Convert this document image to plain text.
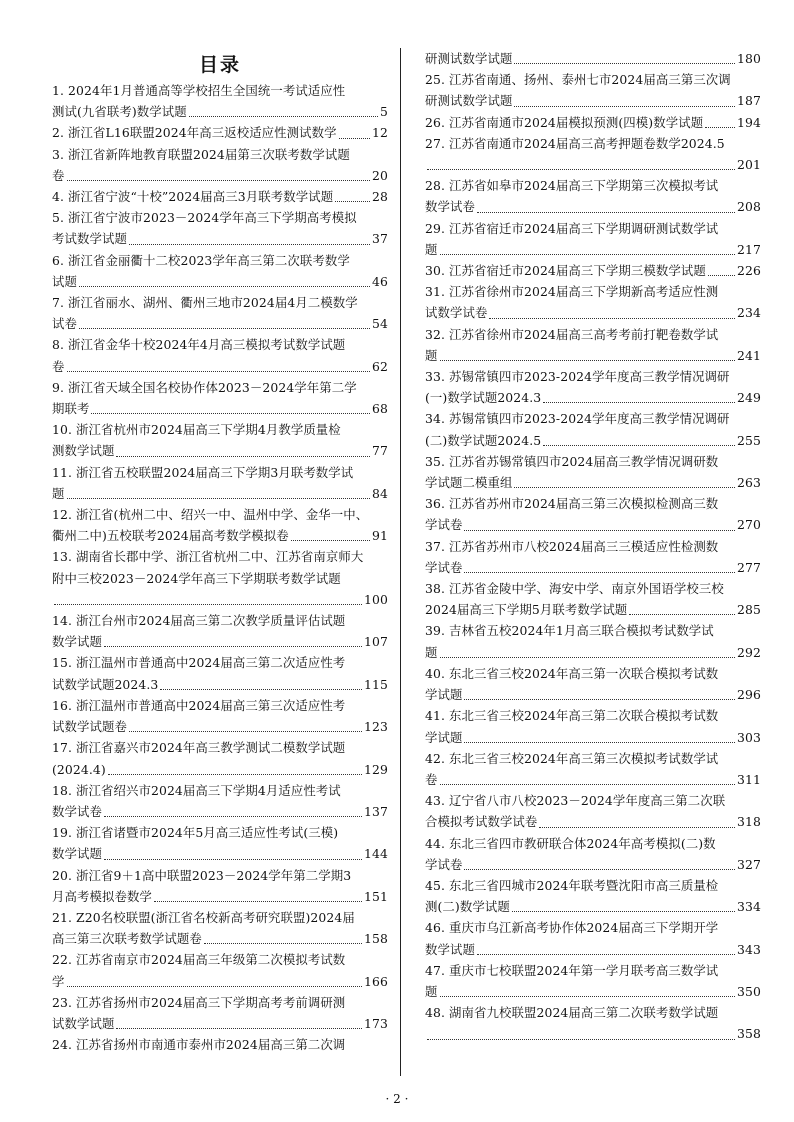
目录
1. 2024年1月普通高等学校招生全国统一考试适应性
测试(九省联考)数学试题	5
2. 浙江省L16联盟2024年高三返校适应性测试数学	12
3. 浙江省新阵地教育联盟2024届第三次联考数学试题
卷	20
4. 浙江省宁波“十校”2024届高三3月联考数学试题	28
5. 浙江省宁波市2023－2024学年高三下学期高考模拟
考试数学试题	37
6. 浙江省金丽衢十二校2023学年高三第二次联考数学
试题	46
7. 浙江省丽水、湖州、衢州三地市2024届4月二模数学
试卷	54
8. 浙江省金华十校2024年4月高三模拟考试数学试题
卷	62
9. 浙江省天域全国名校协作体2023－2024学年第二学
期联考	68
10. 浙江省杭州市2024届高三下学期4月教学质量检
测数学试题	77
11. 浙江省五校联盟2024届高三下学期3月联考数学试
题	84
12. 浙江省(杭州二中、绍兴一中、温州中学、金华一中、
衢州二中)五校联考2024届高考数学模拟卷	91
13. 湖南省长郡中学、浙江省杭州二中、江苏省南京师大
附中三校2023－2024学年高三下学期联考数学试题
100
14. 浙江台州市2024届高三第二次教学质量评估试题
数学试题	107
15. 浙江温州市普通高中2024届高三第二次适应性考
试数学试题2024.3	115
16. 浙江温州市普通高中2024届高三第三次适应性考
试数学试题卷	123
17. 浙江省嘉兴市2024年高三教学测试二模数学试题
(2024.4)	129
18. 浙江省绍兴市2024届高三下学期4月适应性考试
数学试卷	137
19. 浙江省诸暨市2024年5月高三适应性考试(三模)
数学试题	144
20. 浙江省9＋1高中联盟2023－2024学年第二学期3
月高考模拟卷数学	151
21. Z20名校联盟(浙江省名校新高考研究联盟)2024届
高三第三次联考数学试题卷	158
22. 江苏省南京市2024届高三年级第二次模拟考试数
学	166
23. 江苏省扬州市2024届高三下学期高考考前调研测
试数学试题	173
24. 江苏省扬州市南通市泰州市2024届高三第二次调
研测试数学试题	180
25. 江苏省南通、扬州、泰州七市2024届高三第三次调
研测试数学试题	187
26. 江苏省南通市2024届模拟预测(四模)数学试题	194
27. 江苏省南通市2024届高三高考押题卷数学2024.5
201
28. 江苏省如皋市2024届高三下学期第三次模拟考试
数学试卷	208
29. 江苏省宿迁市2024届高三下学期调研测试数学试
题	217
30. 江苏省宿迁市2024届高三下学期三模数学试题	226
31. 江苏省徐州市2024届高三下学期新高考适应性测
试数学试卷	234
32. 江苏省徐州市2024届高三高考考前打靶卷数学试
题	241
33. 苏锡常镇四市2023-2024学年度高三教学情况调研
(一)数学试题2024.3	249
34. 苏锡常镇四市2023-2024学年度高三教学情况调研
(二)数学试题2024.5	255
35. 江苏省苏锡常镇四市2024届高三教学情况调研数
学试题二模重组	263
36. 江苏省苏州市2024届高三第三次模拟检测高三数
学试卷	270
37. 江苏省苏州市八校2024届高三三模适应性检测数
学试卷	277
38. 江苏省金陵中学、海安中学、南京外国语学校三校
2024届高三下学期5月联考数学试题	285
39. 吉林省五校2024年1月高三联合模拟考试数学试
题	292
40. 东北三省三校2024年高三第一次联合模拟考试数
学试题	296
41. 东北三省三校2024年高三第二次联合模拟考试数
学试题	303
42. 东北三省三校2024年高三第三次模拟考试数学试
卷	311
43. 辽宁省八市八校2023－2024学年度高三第二次联
合模拟考试数学试卷	318
44. 东北三省四市教研联合体2024年高考模拟(二)数
学试卷	327
45. 东北三省四城市2024年联考暨沈阳市高三质量检
测(二)数学试题	334
46. 重庆市乌江新高考协作体2024届高三下学期开学
数学试题	343
47. 重庆市七校联盟2024年第一学月联考高三数学试
题	350
48. 湖南省九校联盟2024届高三第二次联考数学试题
358
· 2 ·
